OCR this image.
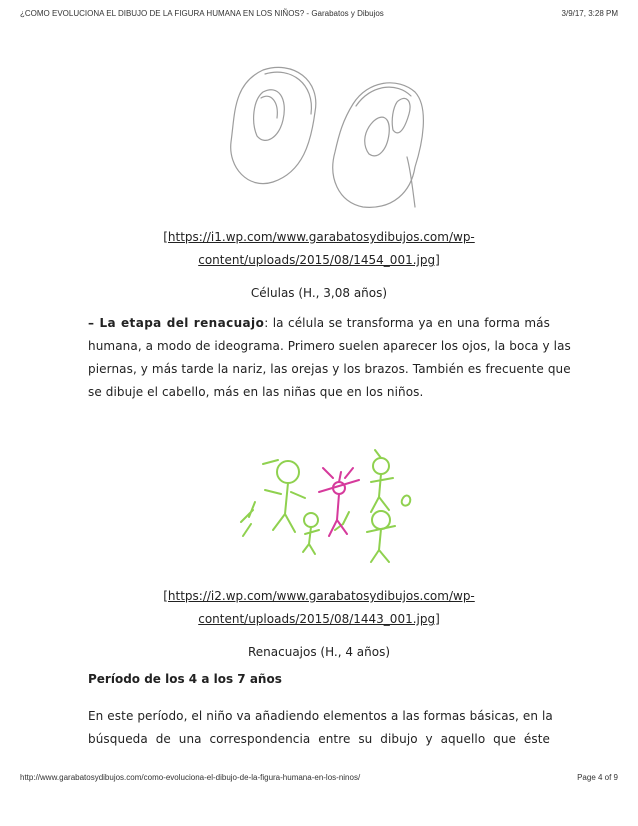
¿COMO EVOLUCIONA EL DIBUJO DE LA FIGURA HUMANA EN LOS NIÑOS? - Garabatos y Dibujos	3/9/17, 3:28 PM
[https://i1.wp.com/www.garabatosydibujos.com/wp-
content/uploads/2015/08/1454_001.jpg]
Células (H., 3,08 años)
– La etapa del renacuajo: la célula se transforma ya en una forma más
humana, a modo de ideograma. Primero suelen aparecer los ojos, la boca y las
piernas, y más tarde la nariz, las orejas y los brazos. También es frecuente que
se dibuje el cabello, más en las niñas que en los niños.
[https://i2.wp.com/www.garabatosydibujos.com/wp-
content/uploads/2015/08/1443_001.jpg]
Renacuajos (H., 4 años)
Período de los 4 a los 7 años
En este período, el niño va añadiendo elementos a las formas básicas, en la
búsqueda de una correspondencia entre su dibujo y aquello que éste
http://www.garabatosydibujos.com/como-evoluciona-el-dibujo-de-la-figura-humana-en-los-ninos/	Page 4 of 9
